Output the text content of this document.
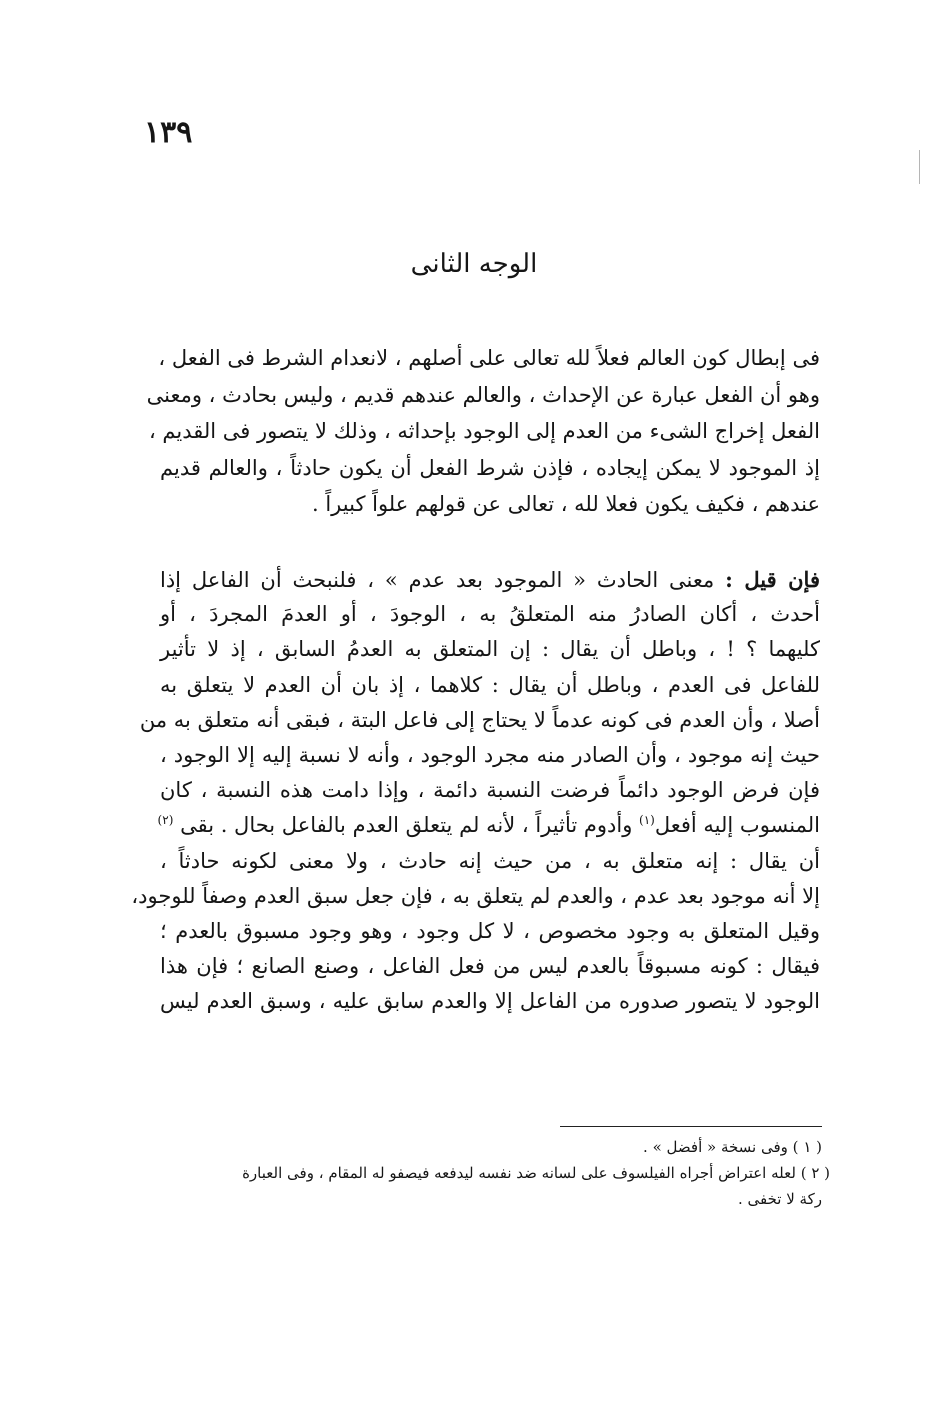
١٣٩
الوجه الثانى
فى إبطال كون العالم فعلاً لله تعالى على أصلهم ، لانعدام الشرط فى الفعل ،
وهو أن الفعل عبارة عن الإحداث ، والعالم عندهم قديم ، وليس بحادث ، ومعنى
الفعل إخراج الشىء من العدم إلى الوجود بإحداثه ، وذلك لا يتصور فى القديم ،
إذ الموجود لا يمكن إيجاده ، فإذن شرط الفعل أن يكون حادثاً ، والعالم قديم
عندهم ، فكيف يكون فعلا لله ، تعالى عن قولهم علواً كبيراً .
فإن قيل : معنى الحادث « الموجود بعد عدم » ، فلنبحث أن الفاعل إذا
أحدث ، أكان الصادرُ منه المتعلقُ به ، الوجودَ ، أو العدمَ المجردَ ، أو
كليهما ؟ ! ، وباطل أن يقال : إن المتعلق به العدمُ السابق ، إذ لا تأثير
للفاعل فى العدم ، وباطل أن يقال : كلاهما ، إذ بان أن العدم لا يتعلق به
أصلا ، وأن العدم فى كونه عدماً لا يحتاج إلى فاعل البتة ، فبقى أنه متعلق به من
حيث إنه موجود ، وأن الصادر منه مجرد الوجود ، وأنه لا نسبة إليه إلا الوجود ،
فإن فرض الوجود دائماً فرضت النسبة دائمة ، وإذا دامت هذه النسبة ، كان
المنسوب إليه أفعل$^{(١)}$ وأدوم تأثيراً ، لأنه لم يتعلق العدم بالفاعل بحال . بقى $^{(٢)}$
أن يقال : إنه متعلق به ، من حيث إنه حادث ، ولا معنى لكونه حادثاً ،
إلا أنه موجود بعد عدم ، والعدم لم يتعلق به ، فإن جعل سبق العدم وصفاً للوجود،
وقيل المتعلق به وجود مخصوص ، لا كل وجود ، وهو وجود مسبوق بالعدم ؛
فيقال : كونه مسبوقاً بالعدم ليس من فعل الفاعل ، وصنع الصانع ؛ فإن هذا
الوجود لا يتصور صدوره من الفاعل إلا والعدم سابق عليه ، وسبق العدم ليس
( ١ ) وفى نسخة « أفضل » .
( ٢ ) لعله اعتراض أجراه الفيلسوف على لسانه ضد نفسه ليدفعه فيصفو له المقام ، وفى العبارة
ركة لا تخفى .
